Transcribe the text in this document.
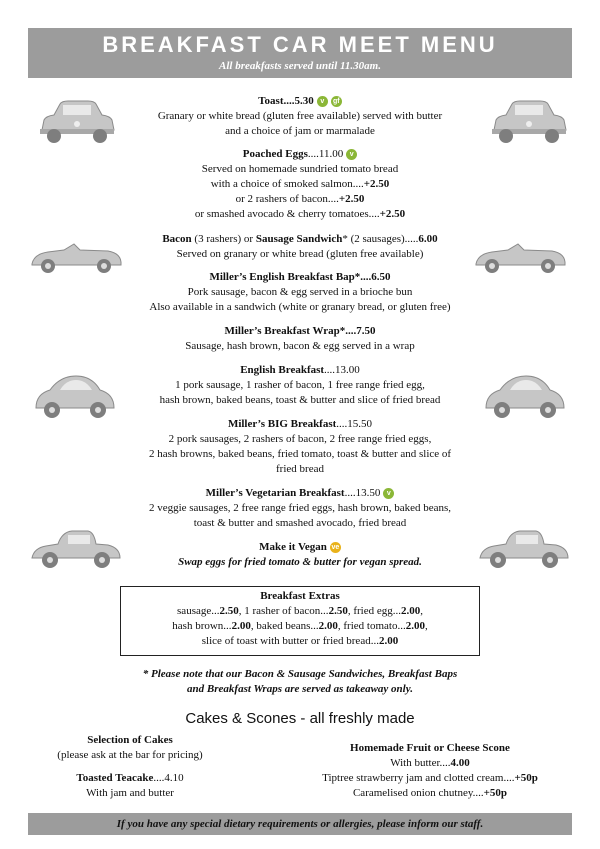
BREAKFAST CAR MEET MENU
All breakfasts served until 11.30am.
Toast....5.30 v gf
Granary or white bread (gluten free available) served with butter
and a choice of jam or marmalade
Poached Eggs....11.00 v
Served on homemade sundried tomato bread
with a choice of smoked salmon....+2.50
or 2 rashers of bacon....+2.50
or smashed avocado & cherry tomatoes....+2.50
Bacon (3 rashers) or Sausage Sandwich* (2 sausages).....6.00
Served on granary or white bread (gluten free available)
Miller’s English Breakfast Bap*....6.50
Pork sausage, bacon & egg served in a brioche bun
Also available in a sandwich (white or granary bread, or gluten free)
Miller’s Breakfast Wrap*....7.50
Sausage, hash brown, bacon & egg served in a wrap
English Breakfast....13.00
1 pork sausage, 1 rasher of bacon, 1 free range fried egg,
hash brown, baked beans, toast & butter and slice of fried bread
Miller’s BIG Breakfast....15.50
2 pork sausages, 2 rashers of bacon, 2 free range fried eggs,
2 hash browns, baked beans, fried tomato, toast & butter and slice of
fried bread
Miller’s Vegetarian Breakfast....13.50 v
2 veggie sausages, 2 free range fried eggs, hash brown, baked beans,
toast & butter and smashed avocado, fried bread
Make it Vegan ve
Swap eggs for fried tomato & butter for vegan spread.
Breakfast Extras
sausage...2.50, 1 rasher of bacon...2.50, fried egg...2.00,
hash brown...2.00, baked beans...2.00, fried tomato...2.00,
slice of toast with butter or fried bread...2.00
* Please note that our Bacon & Sausage Sandwiches, Breakfast Baps
and Breakfast Wraps are served as takeaway only.
Cakes & Scones - all freshly made
Selection of Cakes
(please ask at the bar for pricing)
Toasted Teacake....4.10
With jam and butter
Homemade Fruit or Cheese Scone
With butter....4.00
Tiptree strawberry jam and clotted cream....+50p
Caramelised onion chutney....+50p
If you have any special dietary requirements or allergies, please inform our staff.
